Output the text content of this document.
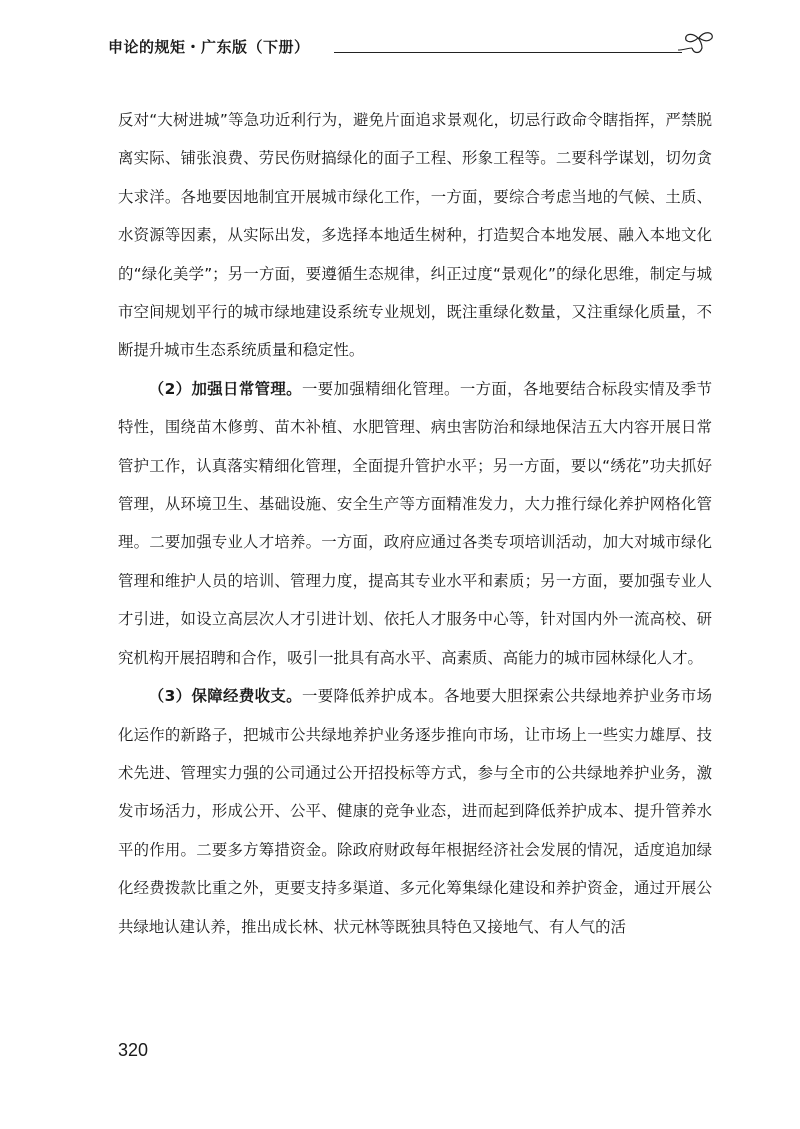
申论的规矩・广东版（下册）

反对“大树进城”等急功近利行为，避免片面追求景观化，切忌行政命令瞎指挥，严禁脱离实际、铺张浪费、劳民伤财搞绿化的面子工程、形象工程等。二要科学谋划，切勿贪大求洋。各地要因地制宜开展城市绿化工作，一方面，要综合考虑当地的气候、土质、水资源等因素，从实际出发，多选择本地适生树种，打造契合本地发展、融入本地文化的“绿化美学”；另一方面，要遵循生态规律，纠正过度“景观化”的绿化思维，制定与城市空间规划平行的城市绿地建设系统专业规划，既注重绿化数量，又注重绿化质量，不断提升城市生态系统质量和稳定性。

（2）加强日常管理。一要加强精细化管理。一方面，各地要结合标段实情及季节特性，围绕苗木修剪、苗木补植、水肥管理、病虫害防治和绿地保洁五大内容开展日常管护工作，认真落实精细化管理，全面提升管护水平；另一方面，要以“绣花”功夫抓好管理，从环境卫生、基础设施、安全生产等方面精准发力，大力推行绿化养护网格化管理。二要加强专业人才培养。一方面，政府应通过各类专项培训活动，加大对城市绿化管理和维护人员的培训、管理力度，提高其专业水平和素质；另一方面，要加强专业人才引进，如设立高层次人才引进计划、依托人才服务中心等，针对国内外一流高校、研究机构开展招聘和合作，吸引一批具有高水平、高素质、高能力的城市园林绿化人才。

（3）保障经费收支。一要降低养护成本。各地要大胆探索公共绿地养护业务市场化运作的新路子，把城市公共绿地养护业务逐步推向市场，让市场上一些实力雄厚、技术先进、管理实力强的公司通过公开招投标等方式，参与全市的公共绿地养护业务，激发市场活力，形成公开、公平、健康的竞争业态，进而起到降低养护成本、提升管养水平的作用。二要多方筹措资金。除政府财政每年根据经济社会发展的情况，适度追加绿化经费拨款比重之外，更要支持多渠道、多元化筹集绿化建设和养护资金，通过开展公共绿地认建认养，推出成长林、状元林等既独具特色又接地气、有人气的活

320
